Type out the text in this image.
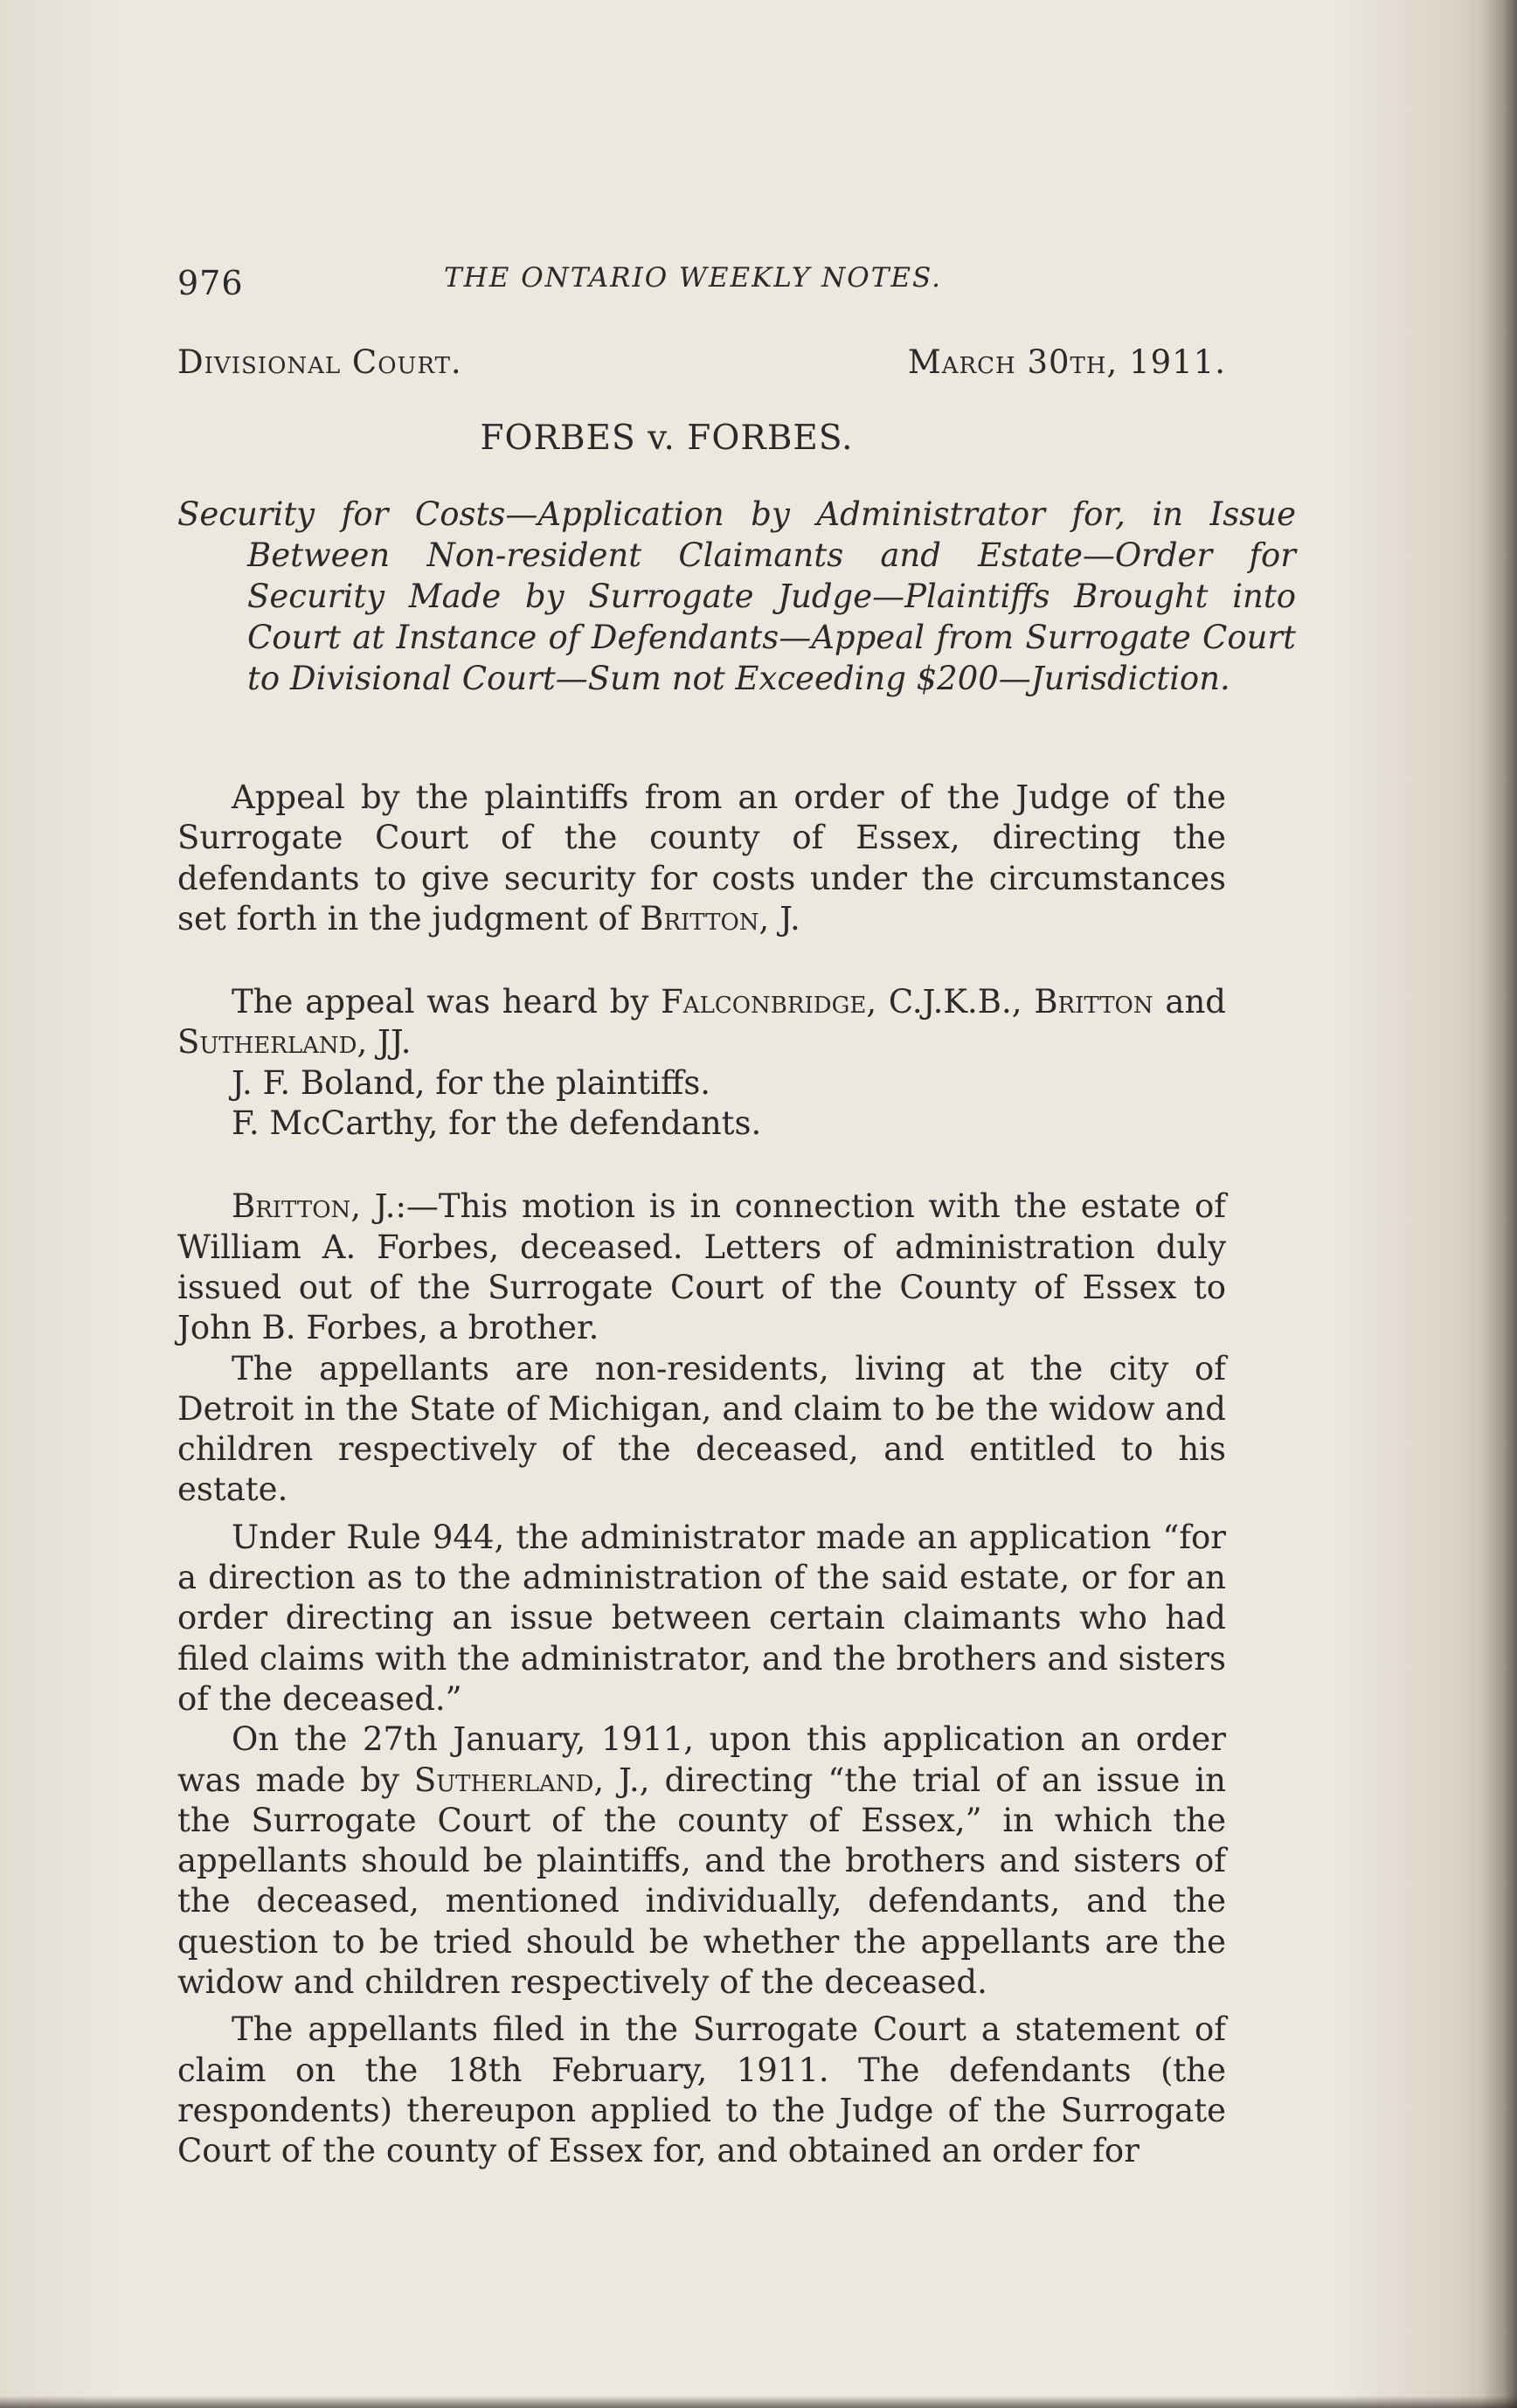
976	THE ONTARIO WEEKLY NOTES.
Divisional Court.	March 30th, 1911.
FORBES v. FORBES.
Security for Costs—Application by Administrator for, in Issue Between Non-resident Claimants and Estate—Order for Security Made by Surrogate Judge—Plaintiffs Brought into Court at Instance of Defendants—Appeal from Surrogate Court to Divisional Court—Sum not Exceeding $200—Jurisdiction.

Appeal by the plaintiffs from an order of the Judge of the Surrogate Court of the county of Essex, directing the defendants to give security for costs under the circumstances set forth in the judgment of Britton, J.

The appeal was heard by Falconbridge, C.J.K.B., Britton and Sutherland, JJ.

J. F. Boland, for the plaintiffs.

F. McCarthy, for the defendants.

Britton, J.:—This motion is in connection with the estate of William A. Forbes, deceased. Letters of administration duly issued out of the Surrogate Court of the County of Essex to John B. Forbes, a brother.

The appellants are non-residents, living at the city of Detroit in the State of Michigan, and claim to be the widow and children respectively of the deceased, and entitled to his estate.

Under Rule 944, the administrator made an application “for a direction as to the administration of the said estate, or for an order directing an issue between certain claimants who had filed claims with the administrator, and the brothers and sisters of the deceased.”

On the 27th January, 1911, upon this application an order was made by Sutherland, J., directing “the trial of an issue in the Surrogate Court of the county of Essex,” in which the appellants should be plaintiffs, and the brothers and sisters of the deceased, mentioned individually, defendants, and the question to be tried should be whether the appellants are the widow and children respectively of the deceased.

The appellants filed in the Surrogate Court a statement of claim on the 18th February, 1911. The defendants (the respondents) thereupon applied to the Judge of the Surrogate Court of the county of Essex for, and obtained an order for
